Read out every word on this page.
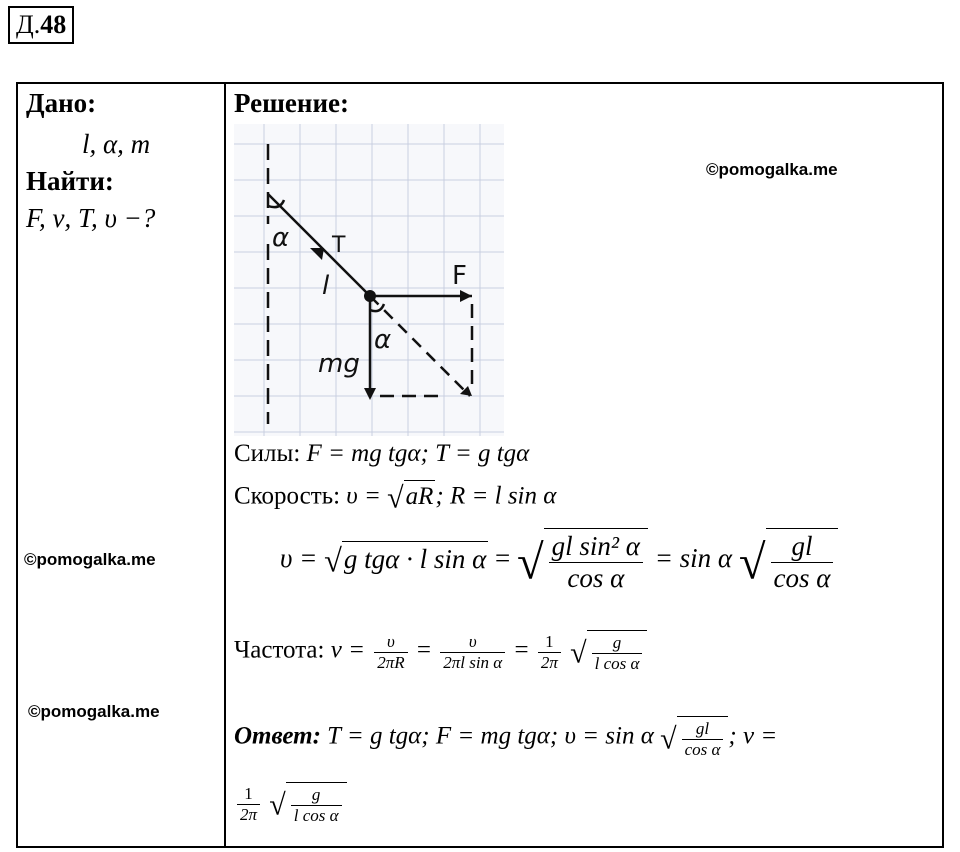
Д.48
Дано:
l, α, m
Найти:
F, ν, T, υ −?
Решение:
©pomogalka.me
©pomogalka.me
©pomogalka.me
α T
l	F
α
mg
Силы: F = mg tgα; T = g tgα
Скорость: υ = √aR; R = l sin α
υ = √g tgα · l sin α = √ $\frac{\text{gl sin² α}}{\text{cos α}} = \sin \alpha$ √ $\frac{gl}{\text{cos α}}$
Частота: $\nu = \frac{\upsilon}{2\pi R} = \frac{\upsilon}{\text{2πl sin α}} = \frac{1}{2\pi}$ √ $\frac{g}{\text{l cos α}}$
Ответ: T = g tgα; F = mg tgα; υ = sin α √ $\frac{gl}{\text{cos α}}$ ; ν =
$\frac{1}{2\pi}$ √ $\frac{g}{\text{l cos α}}$
